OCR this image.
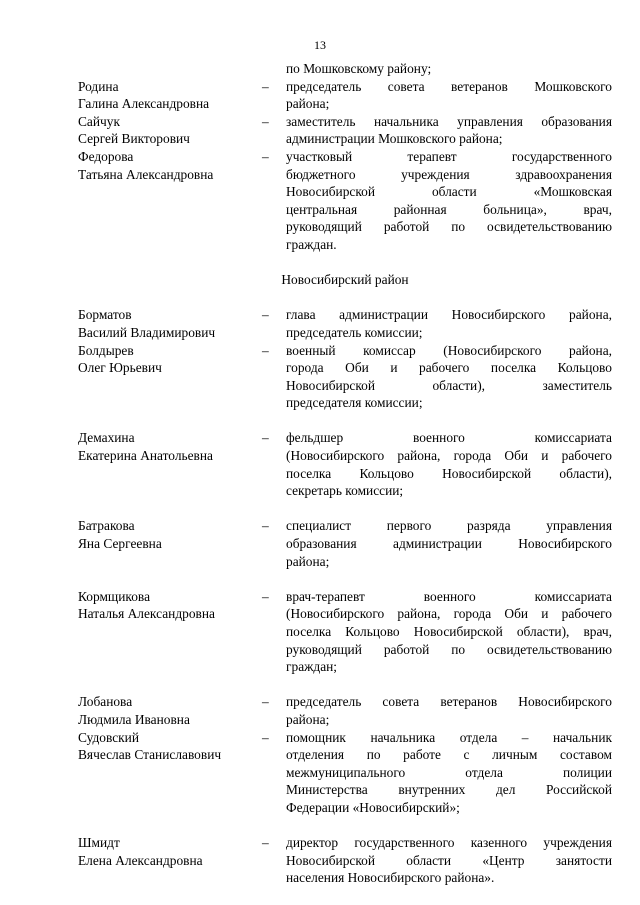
13
по Мошковскому району;
Родина
Галина Александровна
–	председатель совета ветеранов Мошковского
района;
Сайчук
Сергей Викторович
–	заместитель начальника управления образования
администрации Мошковского района;
Федорова
Татьяна Александровна
–	участковый терапевт государственного
бюджетного учреждения здравоохранения
Новосибирской области «Мошковская
центральная районная больница», врач,
руководящий работой по освидетельствованию
граждан.
Новосибирский район
Борматов
Василий Владимирович
–	глава администрации Новосибирского района,
председатель комиссии;
Болдырев
Олег Юрьевич
–	военный комиссар (Новосибирского района,
города Оби и рабочего поселка Кольцово
Новосибирской области), заместитель
председателя комиссии;
Демахина
Екатерина Анатольевна
–	фельдшер военного комиссариата
(Новосибирского района, города Оби и рабочего
поселка Кольцово Новосибирской области),
секретарь комиссии;
Батракова
Яна Сергеевна
–	специалист первого разряда управления
образования администрации Новосибирского
района;
Кормщикова
Наталья Александровна
–	врач-терапевт военного комиссариата
(Новосибирского района, города Оби и рабочего
поселка Кольцово Новосибирской области), врач,
руководящий работой по освидетельствованию
граждан;
Лобанова
Людмила Ивановна
–	председатель совета ветеранов Новосибирского
района;
Судовский
Вячеслав Станиславович
–	помощник начальника отдела – начальник
отделения по работе с личным составом
межмуниципального отдела полиции
Министерства внутренних дел Российской
Федерации «Новосибирский»;
Шмидт
Елена Александровна
–	директор государственного казенного учреждения
Новосибирской области «Центр занятости
населения Новосибирского района».
